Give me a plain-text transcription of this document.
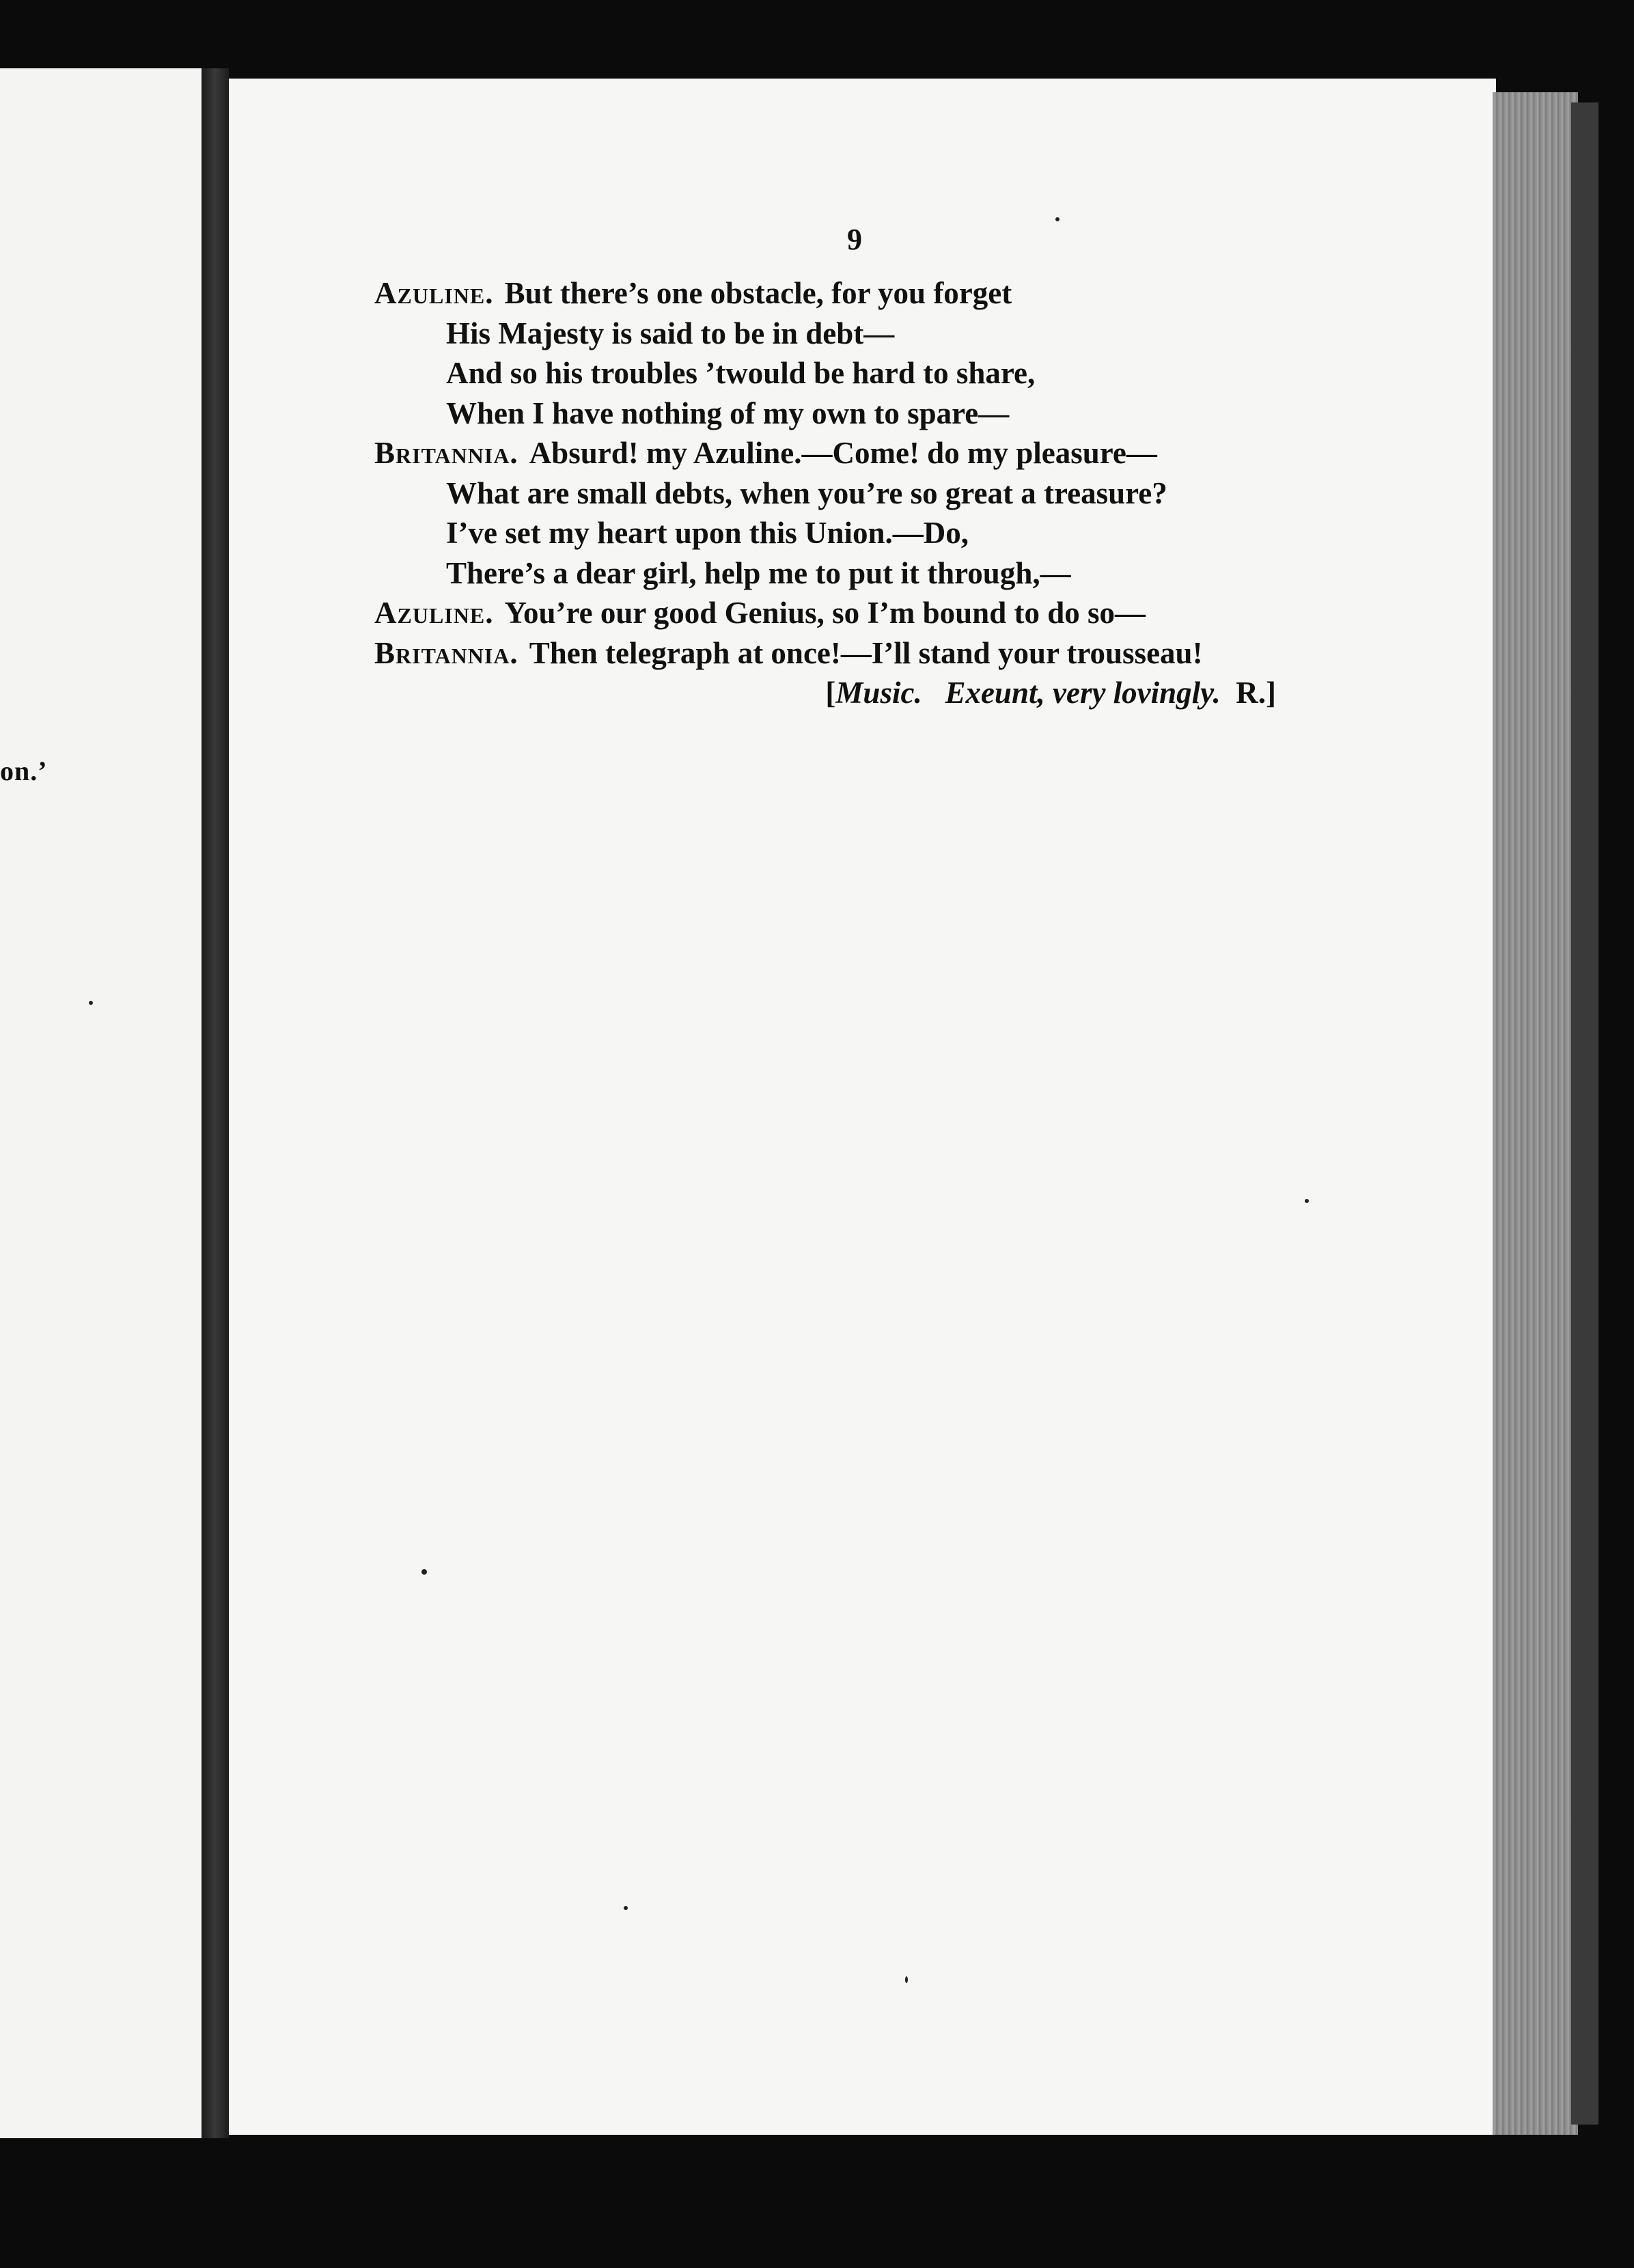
on.’
9
Azuline. But there’s one obstacle, for you forget
His Majesty is said to be in debt—
And so his troubles ’twould be hard to share,
When I have nothing of my own to spare—
Britannia. Absurd! my Azuline.—Come! do my pleasure—
What are small debts, when you’re so great a treasure?
I’ve set my heart upon this Union.—Do,
There’s a dear girl, help me to put it through,—
Azuline. You’re our good Genius, so I’m bound to do so—
Britannia. Then telegraph at once!—I’ll stand your trousseau!
[Music.   Exeunt, very lovingly. R.]
